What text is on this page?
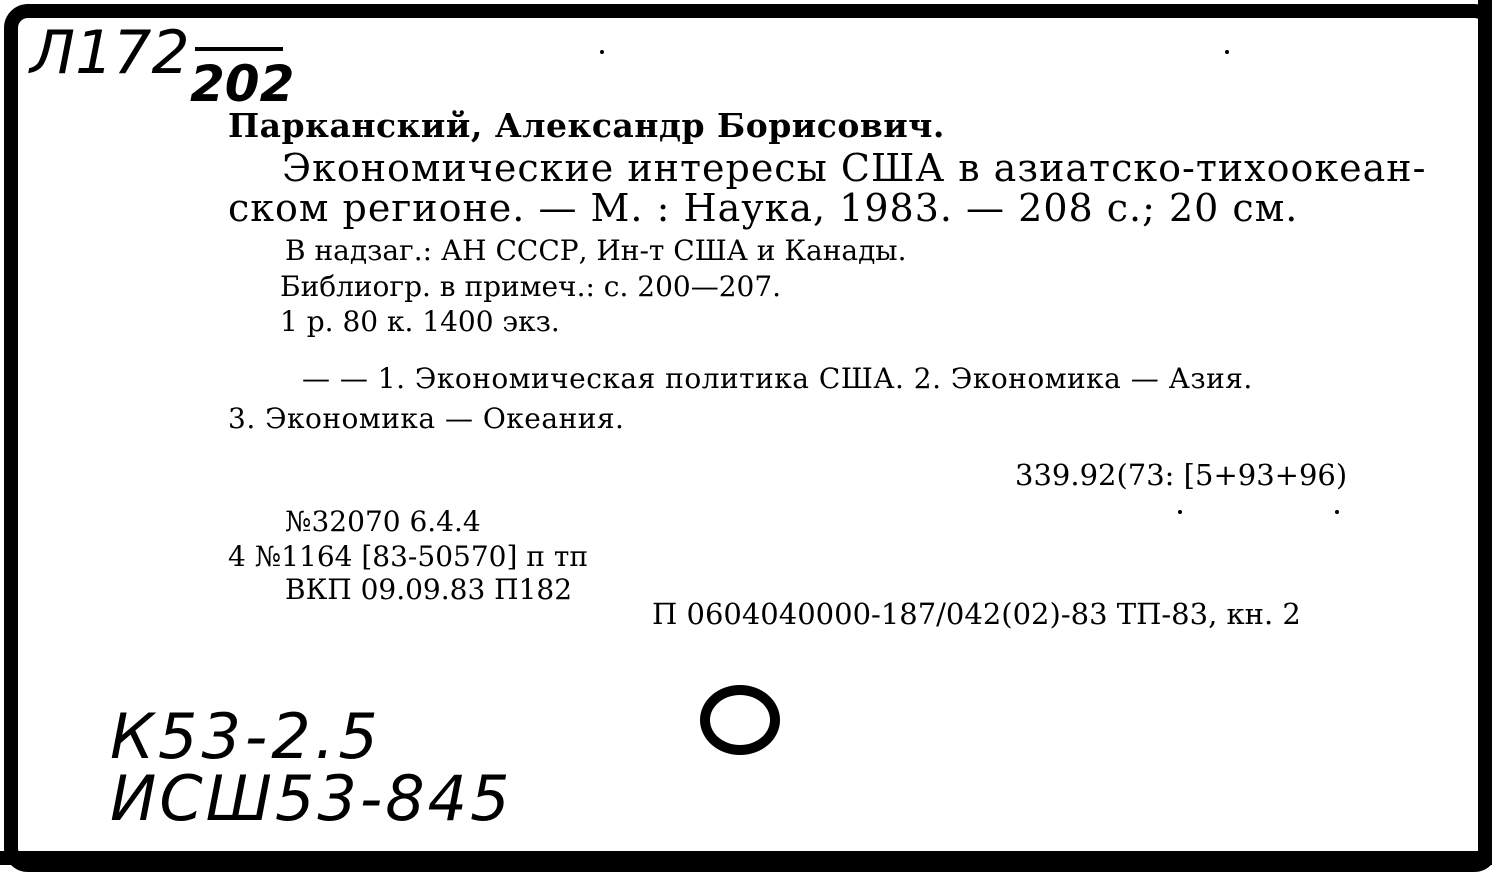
Л172 202
Парканский, Александр Борисович.
Экономические интересы США в азиатско-тихоокеан-
ском регионе. — М. : Наука, 1983. — 208 с.; 20 см.
В надзаг.: АН СССР, Ин-т США и Канады.
Библиогр. в примеч.: с. 200—207.
1 р. 80 к. 1400 экз.
— — 1. Экономическая политика США. 2. Экономика — Азия.
3. Экономика — Океания.
339.92(73: [5+93+96)
№32070 6.4.4
4 №1164 [83-50570] п тп
ВКП 09.09.83 П182
П 0604040000-187/042(02)-83 ТП-83, кн. 2
К53-2.5
ИСШ53-845
